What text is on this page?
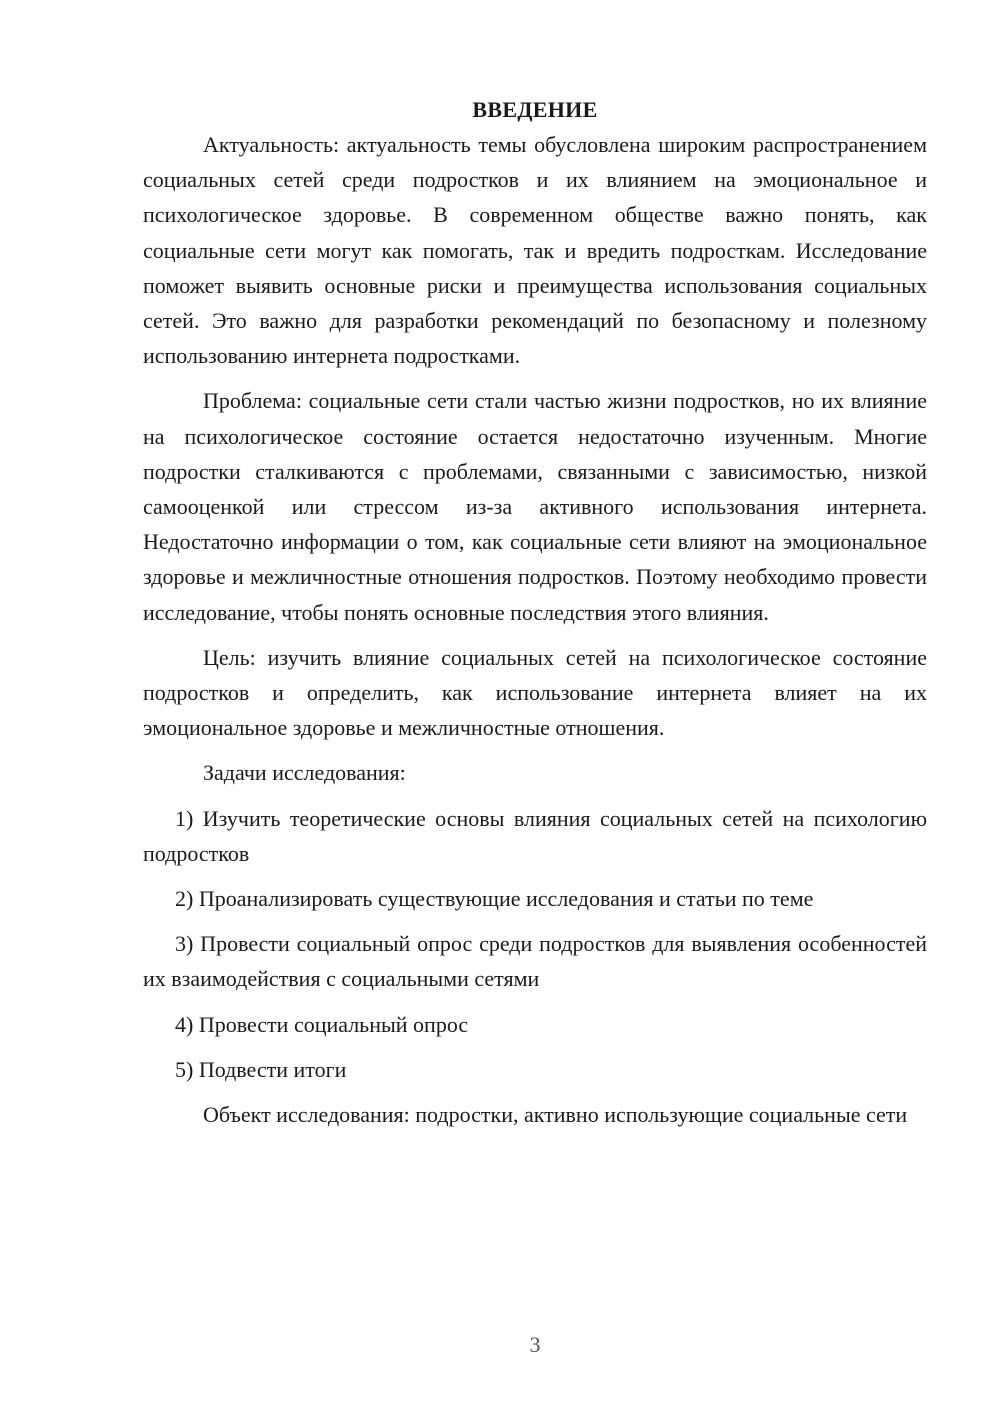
ВВЕДЕНИЕ

Актуальность: актуальность темы обусловлена широким распространением социальных сетей среди подростков и их влиянием на эмоциональное и психологическое здоровье. В современном обществе важно понять, как социальные сети могут как помогать, так и вредить подросткам. Исследование поможет выявить основные риски и преимущества использования социальных сетей. Это важно для разработки рекомендаций по безопасному и полезному использованию интернета подростками.

Проблема: социальные сети стали частью жизни подростков, но их влияние на психологическое состояние остается недостаточно изученным. Многие подростки сталкиваются с проблемами, связанными с зависимостью, низкой самооценкой или стрессом из-за активного использования интернета. Недостаточно информации о том, как социальные сети влияют на эмоциональное здоровье и межличностные отношения подростков. Поэтому необходимо провести исследование, чтобы понять основные последствия этого влияния.

Цель: изучить влияние социальных сетей на психологическое состояние подростков и определить, как использование интернета влияет на их эмоциональное здоровье и межличностные отношения.

Задачи исследования:

1) Изучить теоретические основы влияния социальных сетей на психологию подростков

2) Проанализировать существующие исследования и статьи по теме

3) Провести социальный опрос среди подростков для выявления особенностей их взаимодействия с социальными сетями

4) Провести социальный опрос

5) Подвести итоги

Объект исследования: подростки, активно использующие социальные сети

3
